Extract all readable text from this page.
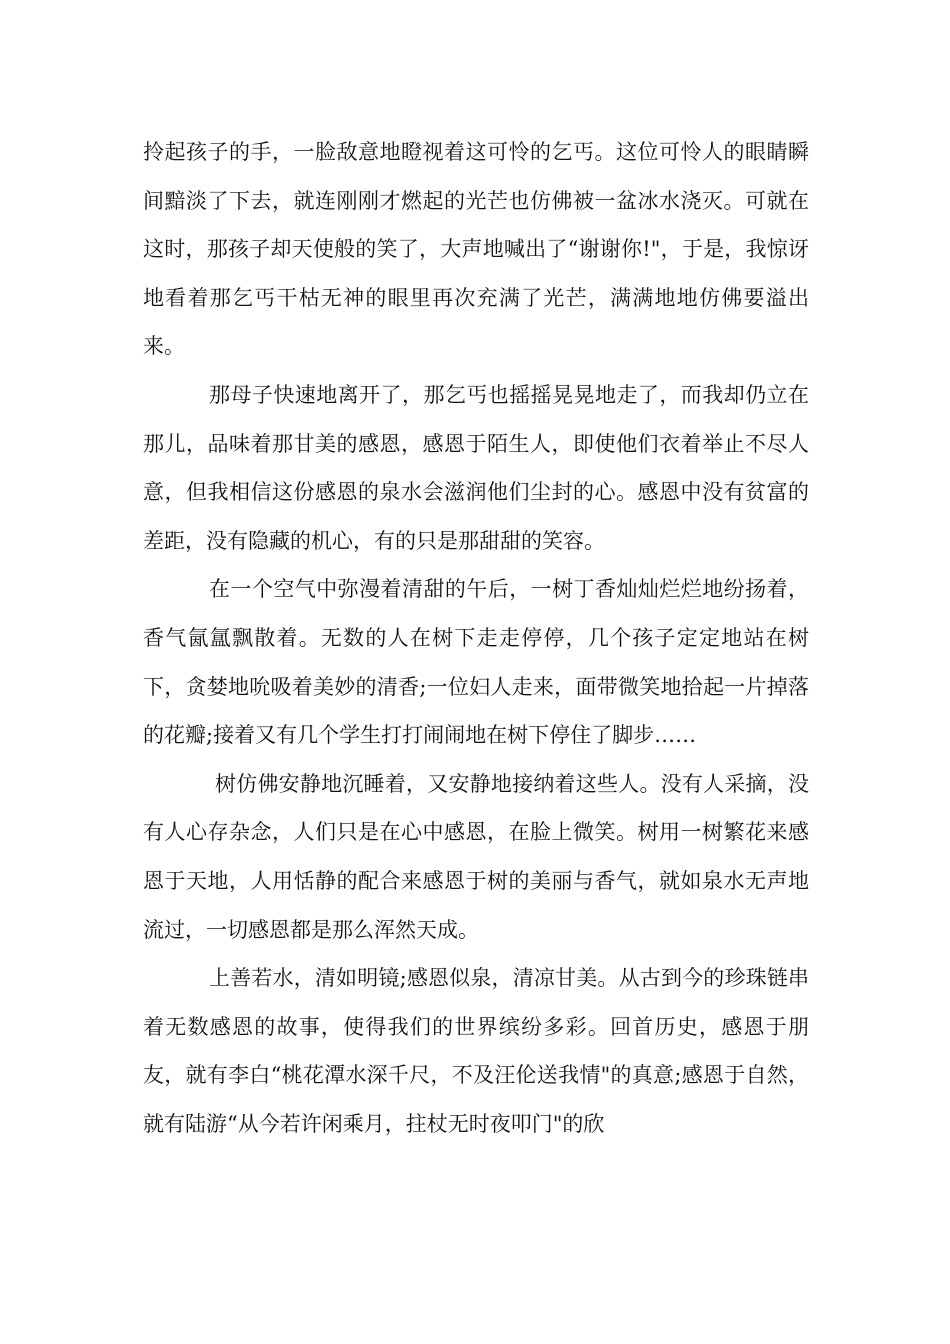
拎起孩子的手，一脸敌意地瞪视着这可怜的乞丐。这位可怜人的眼睛瞬间黯淡了下去，就连刚刚才燃起的光芒也仿佛被一盆冰水浇灭。可就在这时，那孩子却天使般的笑了，大声地喊出了“谢谢你!"，于是，我惊讶地看着那乞丐干枯无神的眼里再次充满了光芒，满满地地仿佛要溢出来。

那母子快速地离开了，那乞丐也摇摇晃晃地走了，而我却仍立在那儿，品味着那甘美的感恩，感恩于陌生人，即使他们衣着举止不尽人意，但我相信这份感恩的泉水会滋润他们尘封的心。感恩中没有贫富的差距，没有隐藏的机心，有的只是那甜甜的笑容。

在一个空气中弥漫着清甜的午后，一树丁香灿灿烂烂地纷扬着，香气氤氲飘散着。无数的人在树下走走停停，几个孩子定定地站在树下，贪婪地吮吸着美妙的清香;一位妇人走来，面带微笑地拾起一片掉落的花瓣;接着又有几个学生打打闹闹地在树下停住了脚步……

树仿佛安静地沉睡着，又安静地接纳着这些人。没有人采摘，没有人心存杂念，人们只是在心中感恩，在脸上微笑。树用一树繁花来感恩于天地，人用恬静的配合来感恩于树的美丽与香气，就如泉水无声地流过，一切感恩都是那么浑然天成。

上善若水，清如明镜;感恩似泉，清凉甘美。从古到今的珍珠链串着无数感恩的故事，使得我们的世界缤纷多彩。回首历史，感恩于朋友，就有李白“桃花潭水深千尺，不及汪伦送我情"的真意;感恩于自然，就有陆游“从今若许闲乘月，拄杖无时夜叩门"的欣
